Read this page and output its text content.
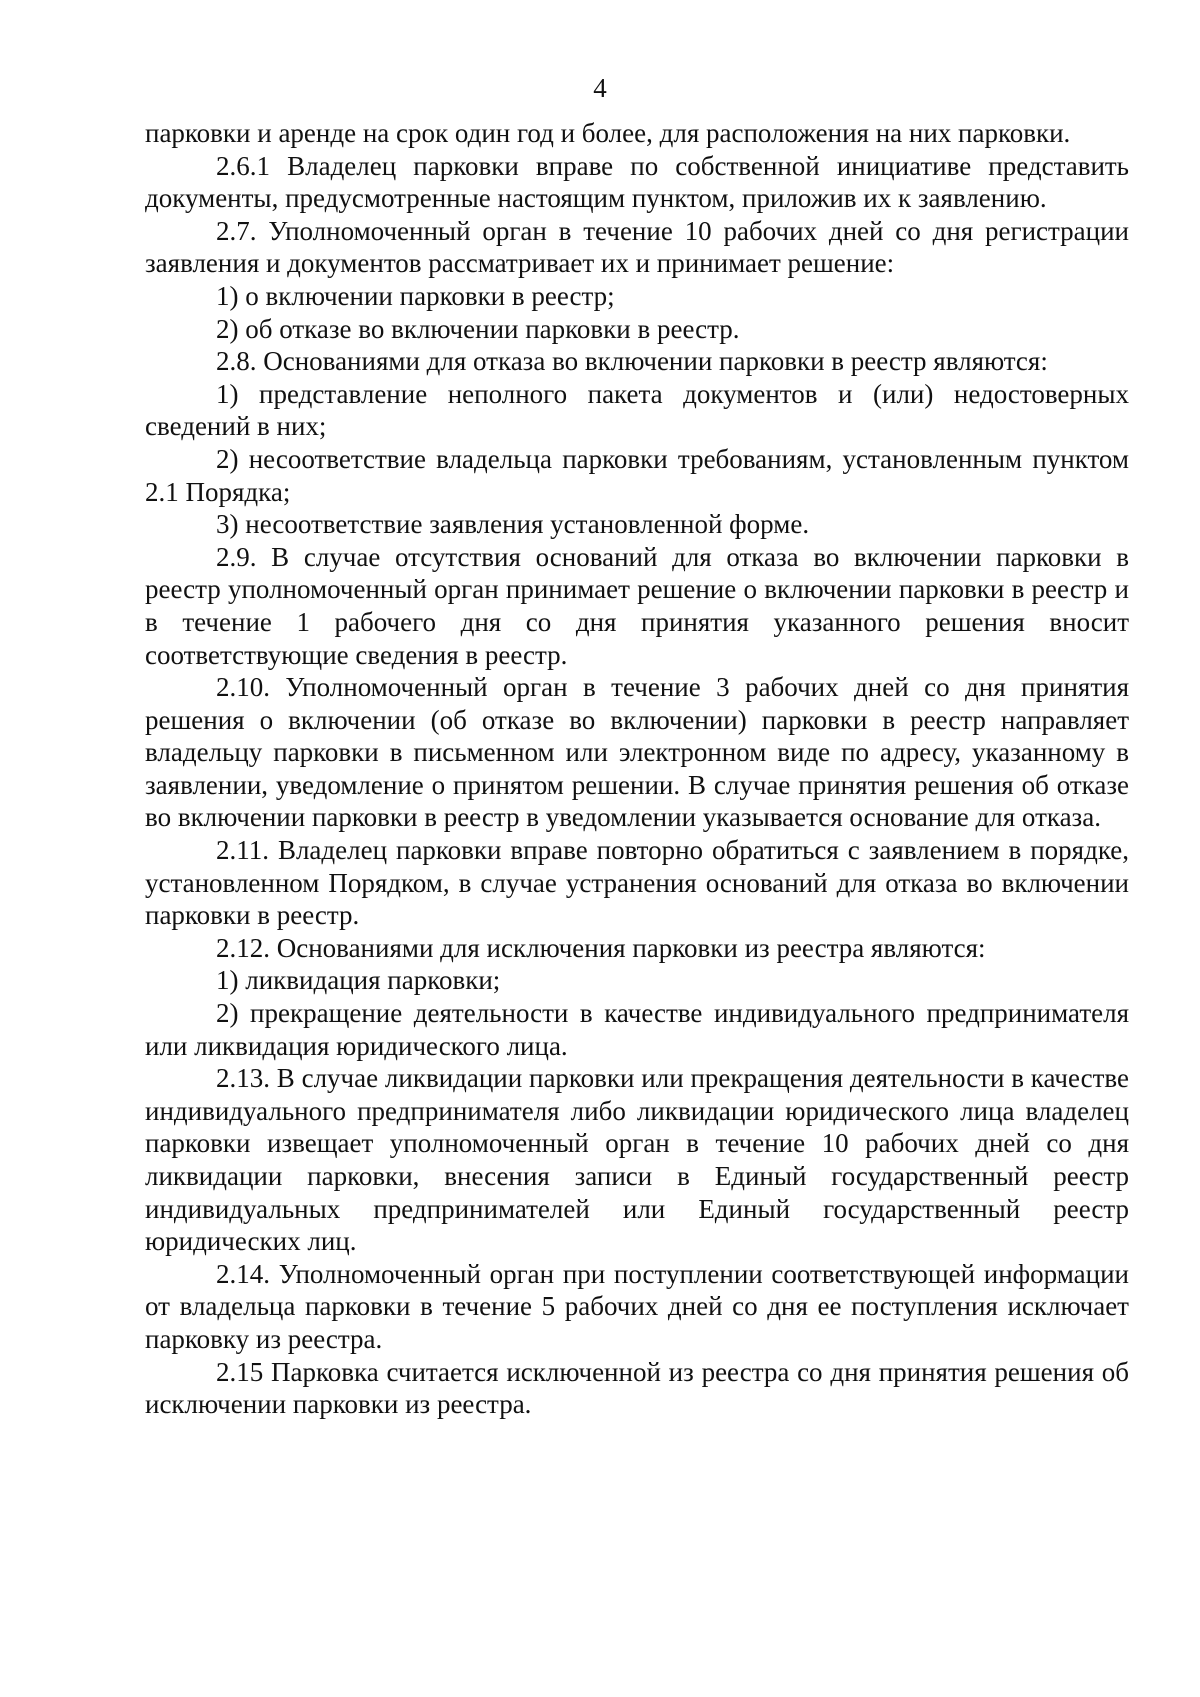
4

парковки и аренде на срок один год и более, для расположения на них парковки.

2.6.1 Владелец парковки вправе по собственной инициативе представить документы, предусмотренные настоящим пунктом, приложив их к заявлению.

2.7. Уполномоченный орган в течение 10 рабочих дней со дня регистрации заявления и документов рассматривает их и принимает решение:

1) о включении парковки в реестр;

2) об отказе во включении парковки в реестр.

2.8. Основаниями для отказа во включении парковки в реестр являются:

1) представление неполного пакета документов и (или) недостоверных сведений в них;

2) несоответствие владельца парковки требованиям, установленным пунктом 2.1 Порядка;

3) несоответствие заявления установленной форме.

2.9. В случае отсутствия оснований для отказа во включении парковки в реестр уполномоченный орган принимает решение о включении парковки в реестр и в течение 1 рабочего дня со дня принятия указанного решения вносит соответствующие сведения в реестр.

2.10. Уполномоченный орган в течение 3 рабочих дней со дня принятия решения о включении (об отказе во включении) парковки в реестр направляет владельцу парковки в письменном или электронном виде по адресу, указанному в заявлении, уведомление о принятом решении. В случае принятия решения об отказе во включении парковки в реестр в уведомлении указывается основание для отказа.

2.11. Владелец парковки вправе повторно обратиться с заявлением в порядке, установленном Порядком, в случае устранения оснований для отказа во включении парковки в реестр.

2.12. Основаниями для исключения парковки из реестра являются:

1) ликвидация парковки;

2) прекращение деятельности в качестве индивидуального предпринимателя или ликвидация юридического лица.

2.13. В случае ликвидации парковки или прекращения деятельности в качестве индивидуального предпринимателя либо ликвидации юридического лица владелец парковки извещает уполномоченный орган в течение 10 рабочих дней со дня ликвидации парковки, внесения записи в Единый государственный реестр индивидуальных предпринимателей или Единый государственный реестр юридических лиц.

2.14. Уполномоченный орган при поступлении соответствующей информации от владельца парковки в течение 5 рабочих дней со дня ее поступления исключает парковку из реестра.

2.15 Парковка считается исключенной из реестра со дня принятия решения об исключении парковки из реестра.
